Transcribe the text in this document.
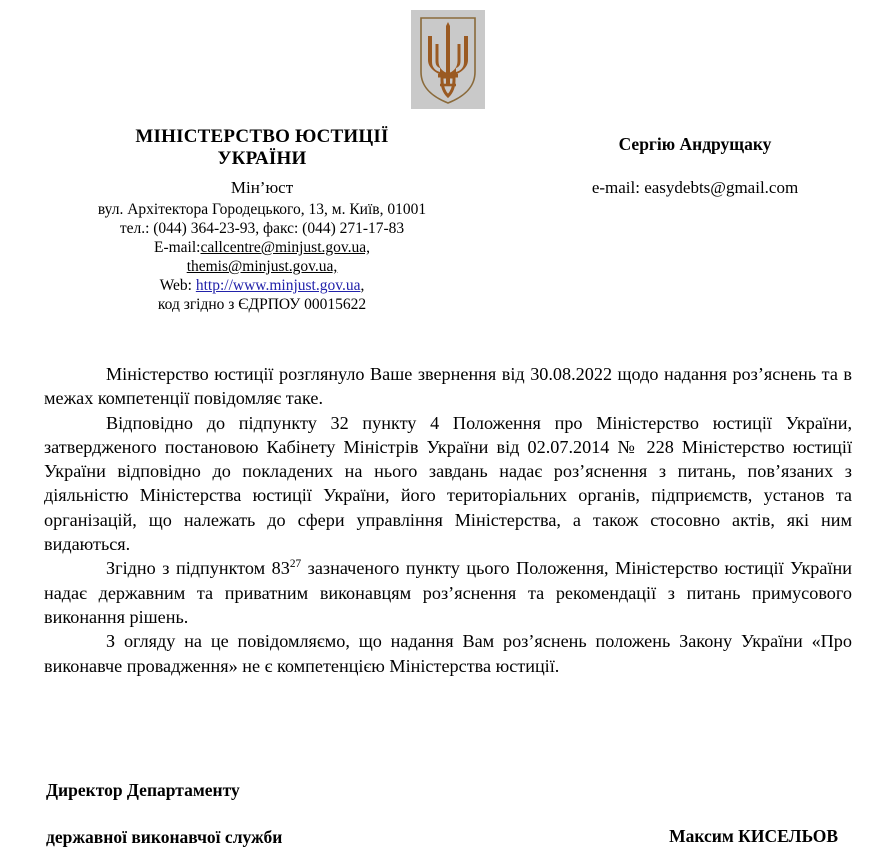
МІНІСТЕРСТВО ЮСТИЦІЇ
УКРАЇНИ
Мін’юст
вул. Архітектора Городецького, 13, м. Київ, 01001
тел.: (044) 364-23-93, факс: (044) 271-17-83
E-mail:callcentre@minjust.gov.ua,
themis@minjust.gov.ua,
Web: http://www.minjust.gov.ua,
код згідно з ЄДРПОУ 00015622
Сергію Андрущаку
e-mail: easydebts@gmail.com

Міністерство юстиції розглянуло Ваше звернення від 30.08.2022 щодо надання роз’яснень та в межах компетенції повідомляє таке.

Відповідно до підпункту 32 пункту 4 Положення про Міністерство юстиції України, затвердженого постановою Кабінету Міністрів України від 02.07.2014 № 228 Міністерство юстиції України відповідно до покладених на нього завдань надає роз’яснення з питань, пов’язаних з діяльністю Міністерства юстиції України, його територіальних органів, підприємств, установ та організацій, що належать до сфери управління Міністерства, а також стосовно актів, які ним видаються.

Згідно з підпунктом $83^{27}$ зазначеного пункту цього Положення, Міністерство юстиції України надає державним та приватним виконавцям роз’яснення та рекомендації з питань примусового виконання рішень.

З огляду на це повідомляємо, що надання Вам роз’яснень положень Закону України «Про виконавче провадження» не є компетенцією Міністерства юстиції.

Директор Департаменту

державної виконавчої служби	Максим КИСЕЛЬОВ
